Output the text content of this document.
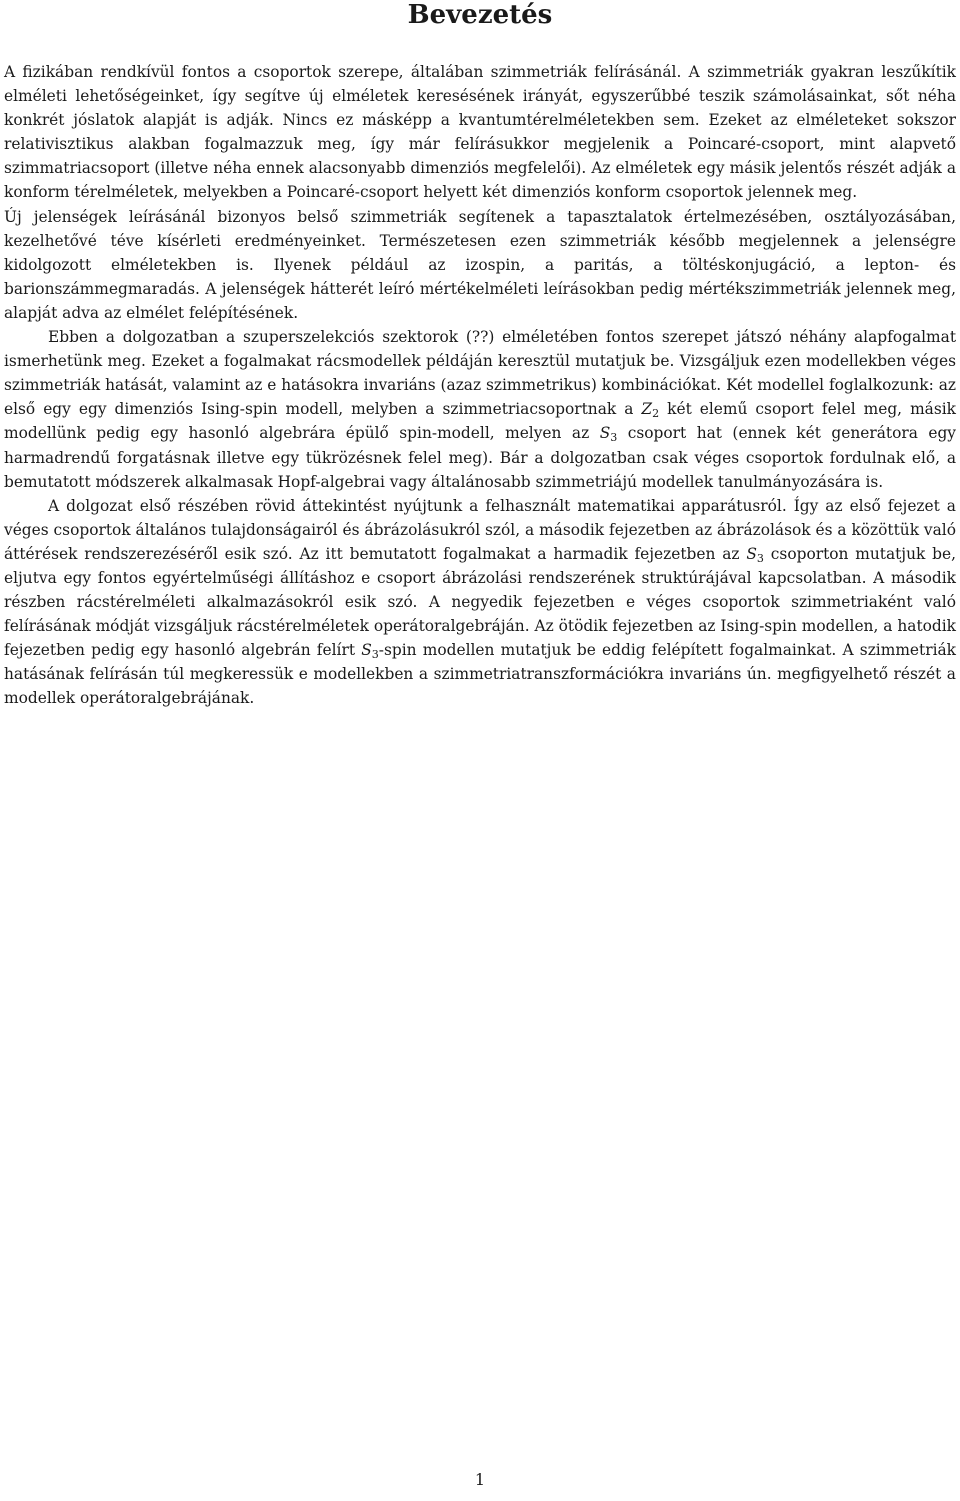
Bevezetés

A fizikában rendkívül fontos a csoportok szerepe, általában szimmetriák felírásánál. A szimmetriák gyakran leszűkítik elméleti lehetőségeinket, így segítve új elméletek keresésének irányát, egyszerűbbé teszik számolásainkat, sőt néha konkrét jóslatok alapját is adják. Nincs ez másképp a kvantumtérelméletekben sem. Ezeket az elméleteket sokszor relativisztikus alakban fogalmazzuk meg, így már felírásukkor megjelenik a Poincaré-csoport, mint alapvető szimmatriacsoport (illetve néha ennek alacsonyabb dimenziós megfelelői). Az elméletek egy másik jelentős részét adják a konform térelméletek, melyekben a Poincaré-csoport helyett két dimenziós konform csoportok jelennek meg.

Új jelenségek leírásánál bizonyos belső szimmetriák segítenek a tapasztalatok értelmezésében, osztályozásában, kezelhetővé téve kísérleti eredményeinket. Természetesen ezen szimmetriák később megjelennek a jelenségre kidolgozott elméletekben is. Ilyenek például az izospin, a paritás, a töltéskonjugáció, a lepton- és barionszámmegmaradás. A jelenségek hátterét leíró mértékelméleti leírásokban pedig mértékszimmetriák jelennek meg, alapját adva az elmélet felépítésének.

Ebben a dolgozatban a szuperszelekciós szektorok (??) elméletében fontos szerepet játszó néhány alapfogalmat ismerhetünk meg. Ezeket a fogalmakat rácsmodellek példáján keresztül mutatjuk be. Vizsgáljuk ezen modellekben véges szimmetriák hatását, valamint az e hatásokra invariáns (azaz szimmetrikus) kombinációkat. Két modellel foglalkozunk: az első egy egy dimenziós Ising-spin modell, melyben a szimmetriacsoportnak a $Z_2$ két elemű csoport felel meg, másik modellünk pedig egy hasonló algebrára épülő spin-modell, melyen az $S_3$ csoport hat (ennek két generátora egy harmadrendű forgatásnak illetve egy tükrözésnek felel meg). Bár a dolgozatban csak véges csoportok fordulnak elő, a bemutatott módszerek alkalmasak Hopf-algebrai vagy általánosabb szimmetriájú modellek tanulmányozására is.

A dolgozat első részében rövid áttekintést nyújtunk a felhasznált matematikai apparátusról. Így az első fejezet a véges csoportok általános tulajdonságairól és ábrázolásukról szól, a második fejezetben az ábrázolások és a közöttük való áttérések rendszerezéséről esik szó. Az itt bemutatott fogalmakat a harmadik fejezetben az $S_3$ csoporton mutatjuk be, eljutva egy fontos egyértelműségi állításhoz e csoport ábrázolási rendszerének struktúrájával kapcsolatban. A második részben rácstérelméleti alkalmazásokról esik szó. A negyedik fejezetben e véges csoportok szimmetriaként való felírásának módját vizsgáljuk rácstérelméletek operátoralgebráján. Az ötödik fejezetben az Ising-spin modellen, a hatodik fejezetben pedig egy hasonló algebrán felírt $S_3$-spin modellen mutatjuk be eddig felépített fogalmainkat. A szimmetriák hatásának felírásán túl megkeressük e modellekben a szimmetriatranszformációkra invariáns ún. megfigyelhető részét a modellek operátoralgebrájának.

1
